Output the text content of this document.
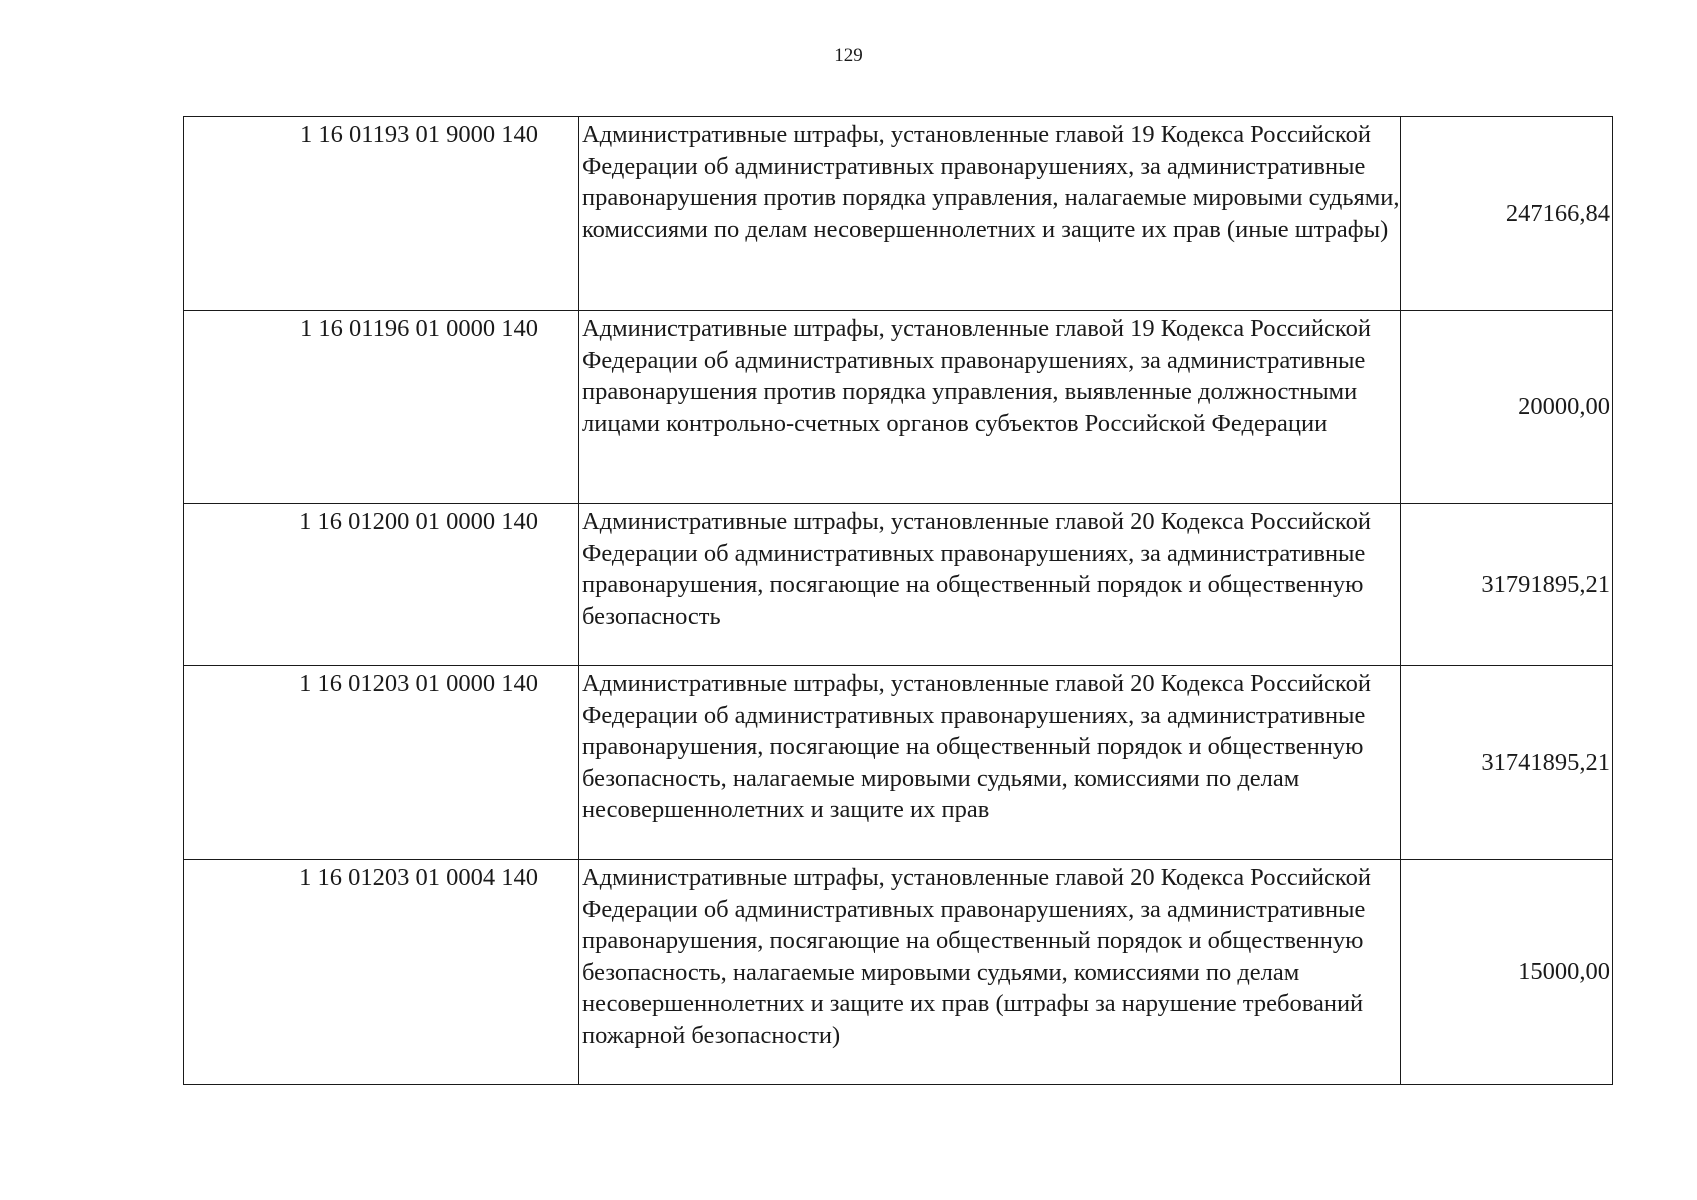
129
1 16 01193 01 9000 140	Административные штрафы, установленные главой 19 Кодекса Российской Федерации об административных правонарушениях, за административные правонарушения против порядка управления, налагаемые мировыми судьями, комиссиями по делам несовершеннолетних и защите их прав (иные штрафы)	247166,84
1 16 01196 01 0000 140	Административные штрафы, установленные главой 19 Кодекса Российской Федерации об административных правонарушениях, за административные правонарушения против порядка управления, выявленные должностными лицами контрольно-счетных органов субъектов Российской Федерации	20000,00
1 16 01200 01 0000 140	Административные штрафы, установленные главой 20 Кодекса Российской Федерации об административных правонарушениях, за административные правонарушения, посягающие на общественный порядок и общественную безопасность	31791895,21
1 16 01203 01 0000 140	Административные штрафы, установленные главой 20 Кодекса Российской Федерации об административных правонарушениях, за административные правонарушения, посягающие на общественный порядок и общественную безопасность, налагаемые мировыми судьями, комиссиями по делам несовершеннолетних и защите их прав	31741895,21
1 16 01203 01 0004 140	Административные штрафы, установленные главой 20 Кодекса Российской Федерации об административных правонарушениях, за административные правонарушения, посягающие на общественный порядок и общественную безопасность, налагаемые мировыми судьями, комиссиями по делам несовершеннолетних и защите их прав (штрафы за нарушение требований пожарной безопасности)	15000,00
